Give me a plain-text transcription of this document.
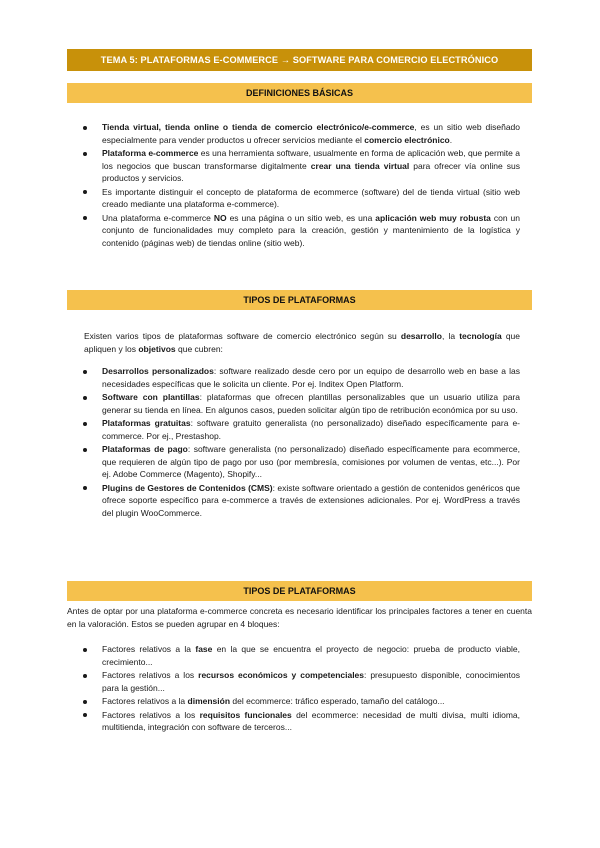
TEMA 5: PLATAFORMAS E-COMMERCE → SOFTWARE PARA COMERCIO ELECTRÓNICO
DEFINICIONES BÁSICAS
Tienda virtual, tienda online o tienda de comercio electrónico/e-commerce, es un sitio web diseñado especialmente para vender productos u ofrecer servicios mediante el comercio electrónico.
Plataforma e-commerce es una herramienta software, usualmente en forma de aplicación web, que permite a los negocios que buscan transformarse digitalmente crear una tienda virtual para ofrecer vía online sus productos y servicios.
Es importante distinguir el concepto de plataforma de ecommerce (software) del de tienda virtual (sitio web creado mediante una plataforma e-commerce).
Una plataforma e-commerce NO es una página o un sitio web, es una aplicación web muy robusta con un conjunto de funcionalidades muy completo para la creación, gestión y mantenimiento de la logística y contenido (páginas web) de tiendas online (sitio web).
TIPOS DE PLATAFORMAS

Existen varios tipos de plataformas software de comercio electrónico según su desarrollo, la tecnología que apliquen y los objetivos que cubren:

Desarrollos personalizados: software realizado desde cero por un equipo de desarrollo web en base a las necesidades específicas que le solicita un cliente. Por ej. Inditex Open Platform.
Software con plantillas: plataformas que ofrecen plantillas personalizables que un usuario utiliza para generar su tienda en línea. En algunos casos, pueden solicitar algún tipo de retribución económica por su uso.
Plataformas gratuitas: software gratuito generalista (no personalizado) diseñado específicamente para e-commerce. Por ej., Prestashop.
Plataformas de pago: software generalista (no personalizado) diseñado específicamente para ecommerce, que requieren de algún tipo de pago por uso (por membresía, comisiones por volumen de ventas, etc...). Por ej. Adobe Commerce (Magento), Shopify...
Plugins de Gestores de Contenidos (CMS): existe software orientado a gestión de contenidos genéricos que ofrece soporte específico para e-commerce a través de extensiones adicionales. Por ej. WordPress a través del plugin WooCommerce.
TIPOS DE PLATAFORMAS

Antes de optar por una plataforma e-commerce concreta es necesario identificar los principales factores a tener en cuenta en la valoración. Estos se pueden agrupar en 4 bloques:

Factores relativos a la fase en la que se encuentra el proyecto de negocio: prueba de producto viable, crecimiento...
Factores relativos a los recursos económicos y competenciales: presupuesto disponible, conocimientos para la gestión...
Factores relativos a la dimensión del ecommerce: tráfico esperado, tamaño del catálogo...
Factores relativos a los requisitos funcionales del ecommerce: necesidad de multi divisa, multi idioma, multitienda, integración con software de terceros...
